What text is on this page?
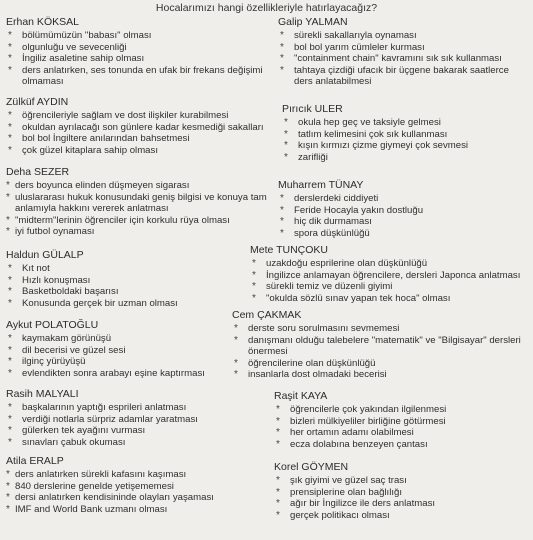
Hocalarımızı hangi özellikleriyle hatırlayacağız?
Erhan KÖKSAL
* bölümümüzün "babası" olması
* olgunluğu ve sevecenliği
* İngiliz asaletine sahip olması
* ders anlatırken, ses tonunda en ufak bir frekans değişimi olmaması
Zülküf AYDIN
* öğrencileriyle sağlam ve dost ilişkiler kurabilmesi
* okuldan ayrılacağı son günlere kadar kesmediği sakalları
* bol bol İngiltere anılarından bahsetmesi
* çok güzel kitaplara sahip olması
Deha SEZER
* ders boyunca elinden düşmeyen sigarası
* uluslararası hukuk konusundaki geniş bilgisi ve konuya tam anlamıyla hakkını vererek anlatması
* "midterm"lerinin öğrenciler için korkulu rüya olması
* iyi futbol oynaması
Haldun GÜLALP
* Kıt not
* Hızlı konuşması
* Basketboldaki başarısı
* Konusunda gerçek bir uzman olması
Aykut POLATOĞLU
* kaymakam görünüşü
* dil becerisi ve güzel sesi
* ilginç yürüyüşü
* evlendikten sonra arabayı eşine kaptırması
Rasih MALYALI
* başkalarının yaptığı esprileri anlatması
* verdiği notlarla sürpriz adamlar yaratması
* gülerken tek ayağını vurması
* sınavları çabuk okuması
Atila ERALP
* ders anlatırken sürekli kafasını kaşıması
* 840 derslerine genelde yetişememesi
* dersi anlatırken kendisininde olayları yaşaması
* IMF and World Bank uzmanı olması
Galip YALMAN
* sürekli sakallarıyla oynaması
* bol bol yarım cümleler kurması
* "containment chain" kavramını sık sık kullanması
* tahtaya çizdiği ufacık bir üçgene bakarak saatlerce ders anlatabilmesi
Pırıcık ULER
* okula hep geç ve taksiyle gelmesi
* tatlım kelimesini çok sık kullanması
* kışın kırmızı çizme giymeyi çok sevmesi
* zarifliği
Muharrem TÜNAY
* derslerdeki ciddiyeti
* Feride Hocayla yakın dostluğu
* hiç dik durmaması
* spora düşkünlüğü
Mete TUNÇOKU
* uzakdoğu esprilerine olan düşkünlüğü
* İngilizce anlamayan öğrencilere, dersleri Japonca anlatması
* sürekli temiz ve düzenli giyimi
* "okulda sözlü sınav yapan tek hoca" olması
Cem ÇAKMAK
* derste soru sorulmasını sevmemesi
* danışmanı olduğu talebelere "matematik" ve "Bilgisayar" dersleri önermesi
* öğrencilerine olan düşkünlüğü
* insanlarla dost olmadaki becerisi
Raşit KAYA
* öğrencilerle çok yakından ilgilenmesi
* bizleri mülkiyeliler birliğine götürmesi
* her ortamın adamı olabilmesi
* ecza dolabına benzeyen çantası
Korel GÖYMEN
* şık giyimi ve güzel saç trası
* prensiplerine olan bağlılığı
* ağır bir İngilizce ile ders anlatması
* gerçek politikacı olması
